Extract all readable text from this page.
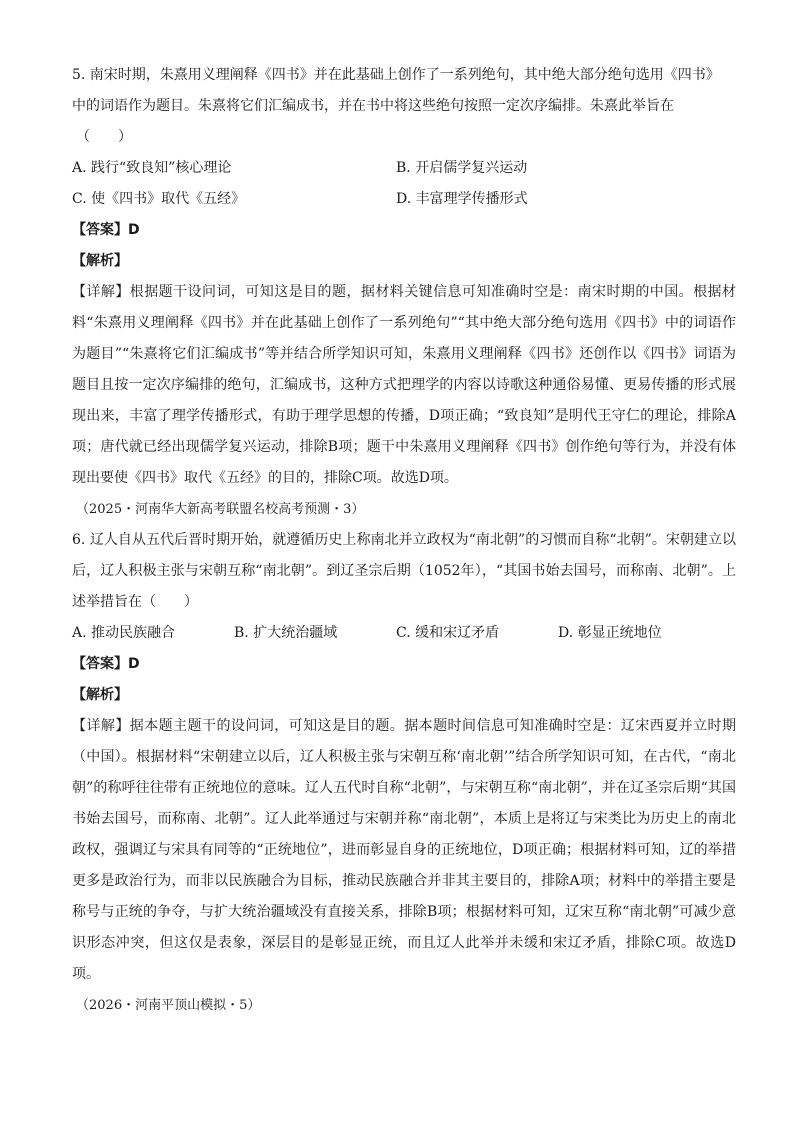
5. 南宋时期，朱熹用义理阐释《四书》并在此基础上创作了一系列绝句，其中绝大部分绝句选用《四书》
中的词语作为题目。朱熹将它们汇编成书，并在书中将这些绝句按照一定次序编排。朱熹此举旨在
（　　）
A. 践行“致良知”核心理论	B. 开启儒学复兴运动
C. 使《四书》取代《五经》	D. 丰富理学传播形式
【答案】D
【解析】
【详解】根据题干设问词，可知这是目的题，据材料关键信息可知准确时空是：南宋时期的中国。根据材料“朱熹用义理阐释《四书》并在此基础上创作了一系列绝句”“其中绝大部分绝句选用《四书》中的词语作为题目”“朱熹将它们汇编成书”等并结合所学知识可知，朱熹用义理阐释《四书》还创作以《四书》词语为题目且按一定次序编排的绝句，汇编成书，这种方式把理学的内容以诗歌这种通俗易懂、更易传播的形式展现出来，丰富了理学传播形式，有助于理学思想的传播，D项正确；“致良知”是明代王守仁的理论，排除A项；唐代就已经出现儒学复兴运动，排除B项；题干中朱熹用义理阐释《四书》创作绝句等行为，并没有体现出要使《四书》取代《五经》的目的，排除C项。故选D项。
（2025・河南华大新高考联盟名校高考预测・3）
6. 辽人自从五代后晋时期开始，就遵循历史上称南北并立政权为“南北朝”的习惯而自称“北朝”。宋朝建立以后，辽人积极主张与宋朝互称“南北朝”。到辽圣宗后期（1052年），“其国书始去国号，而称南、北朝”。上述举措旨在（　　）
A. 推动民族融合	B. 扩大统治疆域	C. 缓和宋辽矛盾	D. 彰显正统地位
【答案】D
【解析】
【详解】据本题主题干的设问词，可知这是目的题。据本题时间信息可知准确时空是：辽宋西夏并立时期（中国）。根据材料“宋朝建立以后，辽人积极主张与宋朝互称‘南北朝’”结合所学知识可知，在古代，“南北朝”的称呼往往带有正统地位的意味。辽人五代时自称“北朝”，与宋朝互称“南北朝”，并在辽圣宗后期“其国书始去国号，而称南、北朝”。辽人此举通过与宋朝并称“南北朝”，本质上是将辽与宋类比为历史上的南北政权，强调辽与宋具有同等的“正统地位”，进而彰显自身的正统地位，D项正确；根据材料可知，辽的举措更多是政治行为，而非以民族融合为目标，推动民族融合并非其主要目的，排除A项；材料中的举措主要是称号与正统的争夺，与扩大统治疆域没有直接关系，排除B项；根据材料可知，辽宋互称“南北朝”可减少意识形态冲突，但这仅是表象，深层目的是彰显正统，而且辽人此举并未缓和宋辽矛盾，排除C项。故选D项。
（2026・河南平顶山模拟・5）
